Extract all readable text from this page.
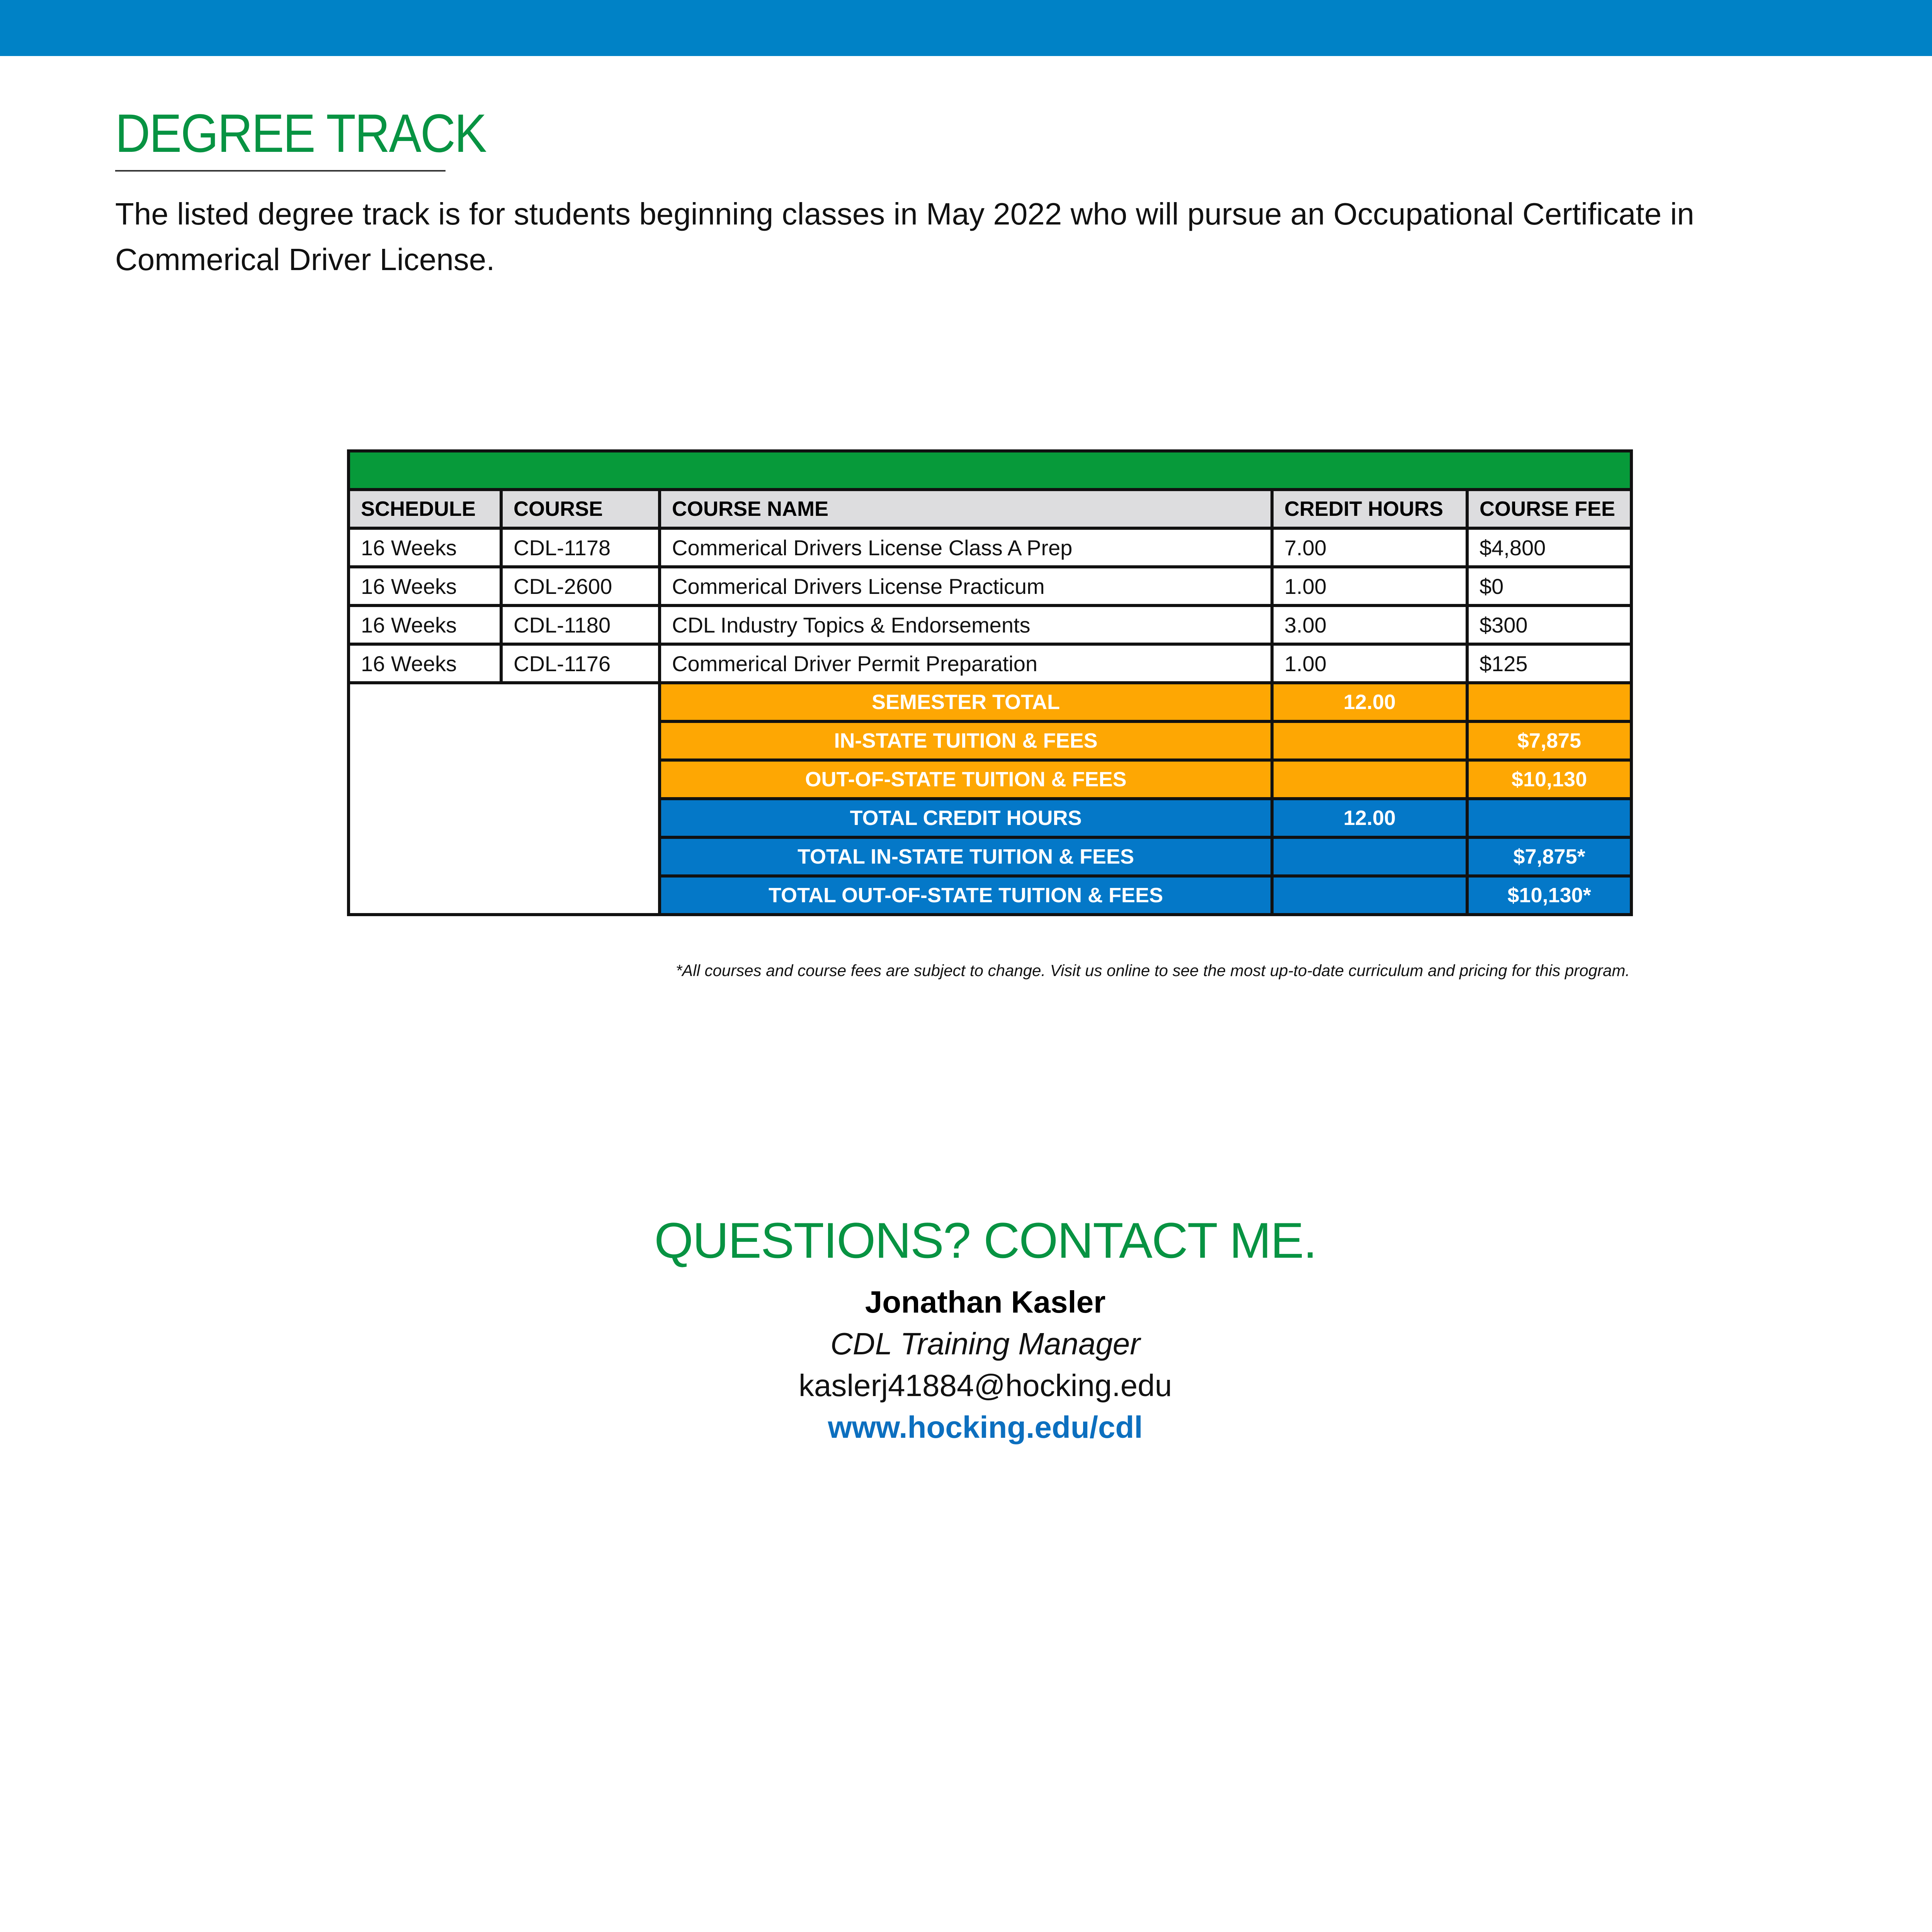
DEGREE TRACK

The listed degree track is for students beginning classes in May 2022 who will pursue an Occupational Certificate in Commerical Driver License.

SCHEDULE	COURSE	COURSE NAME	CREDIT HOURS	COURSE FEE
16 Weeks	CDL-1178	Commerical Drivers License Class A Prep	7.00	$4,800
16 Weeks	CDL-2600	Commerical Drivers License Practicum	1.00	$0
16 Weeks	CDL-1180	CDL Industry Topics & Endorsements	3.00	$300
16 Weeks	CDL-1176	Commerical Driver Permit Preparation	1.00	$125
		SEMESTER TOTAL	12.00	
		IN-STATE TUITION & FEES		$7,875
		OUT-OF-STATE TUITION & FEES		$10,130
		TOTAL CREDIT HOURS	12.00	
		TOTAL IN-STATE TUITION & FEES		$7,875*
		TOTAL OUT-OF-STATE TUITION & FEES		$10,130*

*All courses and course fees are subject to change. Visit us online to see the most up-to-date curriculum and pricing for this program.

QUESTIONS? CONTACT ME.

Jonathan Kasler

CDL Training Manager

kaslerj41884@hocking.edu

www.hocking.edu/cdl
